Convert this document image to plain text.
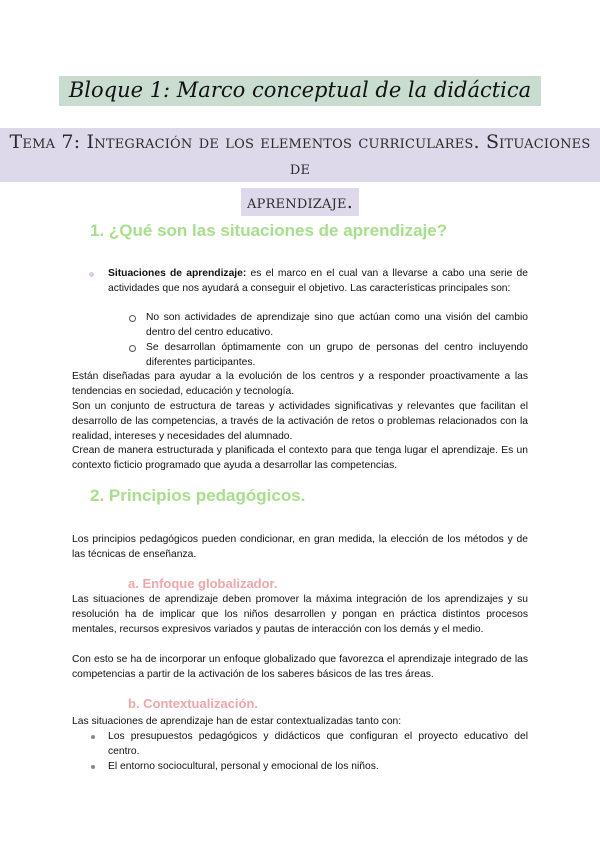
Bloque 1: Marco conceptual de la didáctica
Tema 7: Integración de los elementos curriculares. Situaciones de
aprendizaje.
1. ¿Qué son las situaciones de aprendizaje?
Situaciones de aprendizaje: es el marco en el cual van a llevarse a cabo una serie de actividades que nos ayudará a conseguir el objetivo. Las características principales son:
No son actividades de aprendizaje sino que actúan como una visión del cambio dentro del centro educativo.
Se desarrollan óptimamente con un grupo de personas del centro incluyendo diferentes participantes.
Están diseñadas para ayudar a la evolución de los centros y a responder proactivamente a las tendencias en sociedad, educación y tecnología.
Son un conjunto de estructura de tareas y actividades significativas y relevantes que facilitan el desarrollo de las competencias, a través de la activación de retos o problemas relacionados con la realidad, intereses y necesidades del alumnado.
Crean de manera estructurada y planificada el contexto para que tenga lugar el aprendizaje. Es un contexto ficticio programado que ayuda a desarrollar las competencias.
2. Principios pedagógicos.
Los principios pedagógicos pueden condicionar, en gran medida, la elección de los métodos y de las técnicas de enseñanza.
a. Enfoque globalizador.
Las situaciones de aprendizaje deben promover la máxima integración de los aprendizajes y su resolución ha de implicar que los niños desarrollen y pongan en práctica distintos procesos mentales, recursos expresivos variados y pautas de interacción con los demás y el medio.
Con esto se ha de incorporar un enfoque globalizado que favorezca el aprendizaje integrado de las competencias a partir de la activación de los saberes básicos de las tres áreas.
b. Contextualización.
Las situaciones de aprendizaje han de estar contextualizadas tanto con:
Los presupuestos pedagógicos y didácticos que configuran el proyecto educativo del centro.
El entorno sociocultural, personal y emocional de los niños.
